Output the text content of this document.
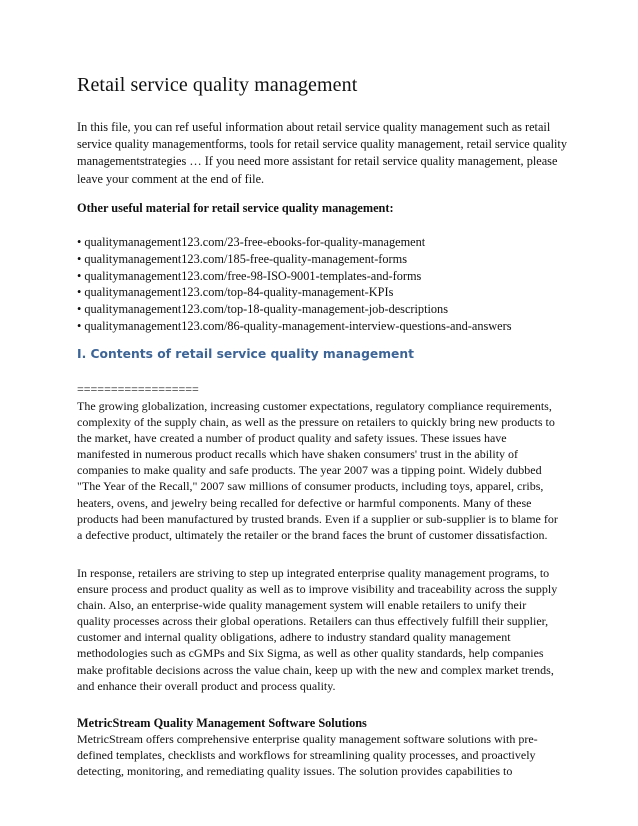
Retail service quality management

In this file, you can ref useful information about retail service quality management such as retail service quality managementforms, tools for retail service quality management, retail service quality managementstrategies … If you need more assistant for retail service quality management, please leave your comment at the end of file.

Other useful material for retail service quality management:
• qualitymanagement123.com/23-free-ebooks-for-quality-management
• qualitymanagement123.com/185-free-quality-management-forms
• qualitymanagement123.com/free-98-ISO-9001-templates-and-forms
• qualitymanagement123.com/top-84-quality-management-KPIs
• qualitymanagement123.com/top-18-quality-management-job-descriptions
• qualitymanagement123.com/86-quality-management-interview-questions-and-answers
I. Contents of retail service quality management
==================

The growing globalization, increasing customer expectations, regulatory compliance requirements, complexity of the supply chain, as well as the pressure on retailers to quickly bring new products to the market, have created a number of product quality and safety issues. These issues have manifested in numerous product recalls which have shaken consumers' trust in the ability of companies to make quality and safe products. The year 2007 was a tipping point. Widely dubbed "The Year of the Recall," 2007 saw millions of consumer products, including toys, apparel, cribs, heaters, ovens, and jewelry being recalled for defective or harmful components. Many of these products had been manufactured by trusted brands. Even if a supplier or sub-supplier is to blame for a defective product, ultimately the retailer or the brand faces the brunt of customer dissatisfaction.

In response, retailers are striving to step up integrated enterprise quality management programs, to ensure process and product quality as well as to improve visibility and traceability across the supply chain. Also, an enterprise-wide quality management system will enable retailers to unify their quality processes across their global operations. Retailers can thus effectively fulfill their supplier, customer and internal quality obligations, adhere to industry standard quality management methodologies such as cGMPs and Six Sigma, as well as other quality standards, help companies make profitable decisions across the value chain, keep up with the new and complex market trends, and enhance their overall product and process quality.

MetricStream Quality Management Software Solutions

MetricStream offers comprehensive enterprise quality management software solutions with pre-defined templates, checklists and workflows for streamlining quality processes, and proactively detecting, monitoring, and remediating quality issues. The solution provides capabilities to
